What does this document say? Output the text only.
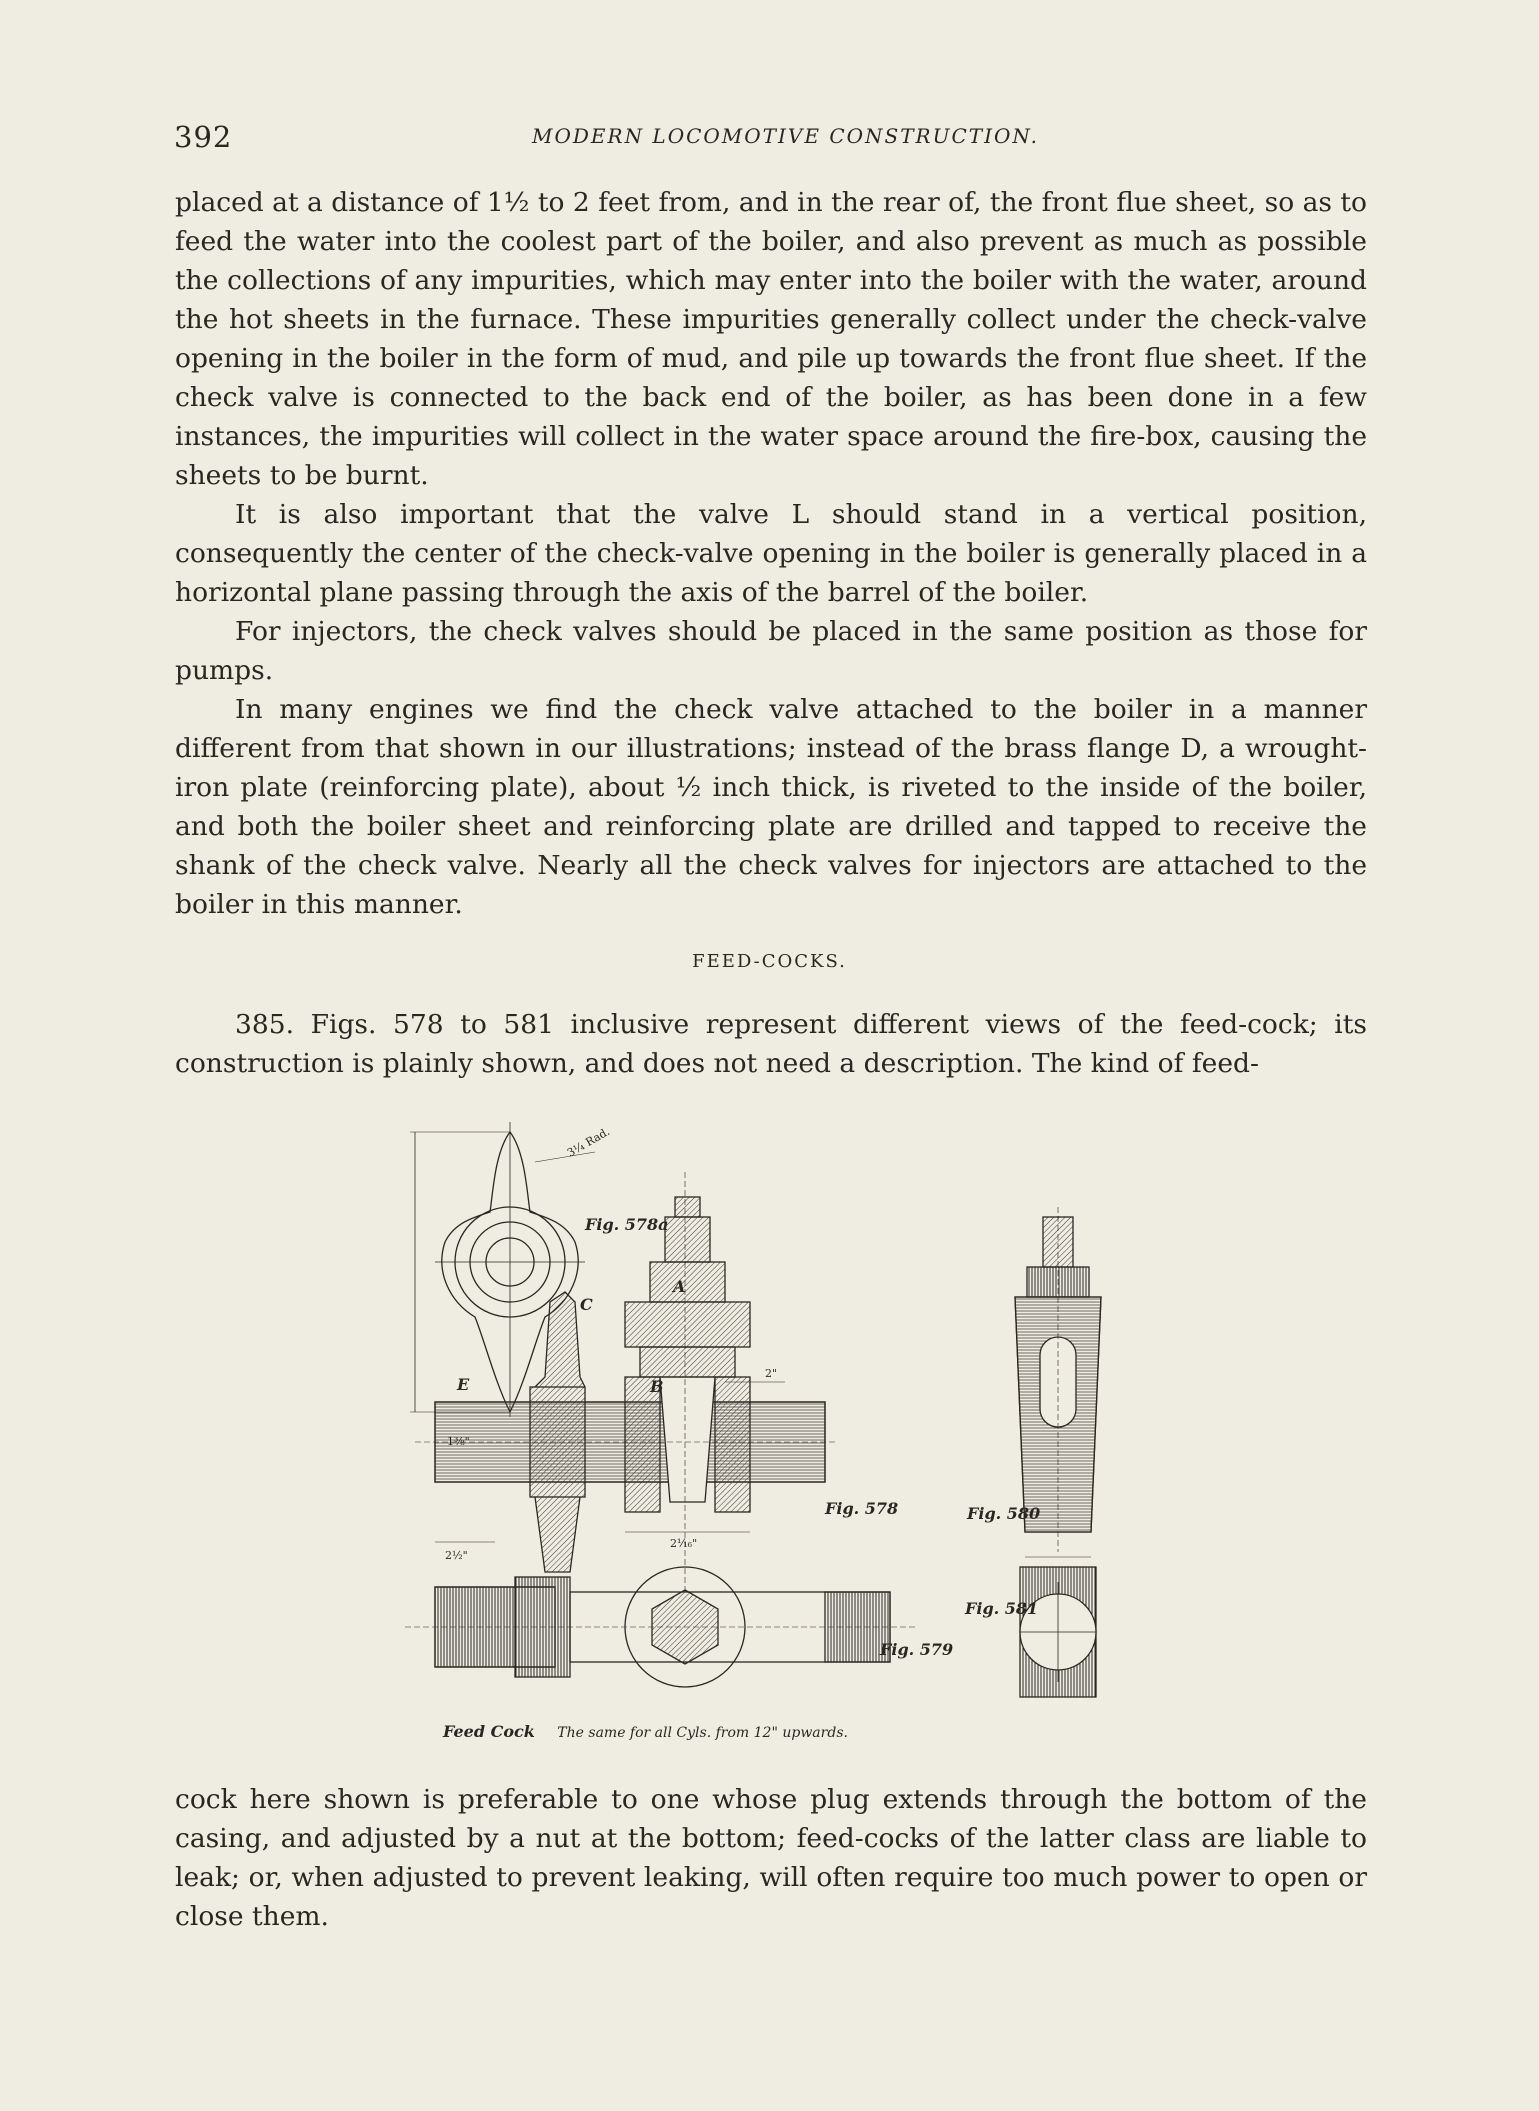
392	MODERN LOCOMOTIVE CONSTRUCTION.

placed at a distance of 1½ to 2 feet from, and in the rear of, the front flue sheet, so as to feed the water into the coolest part of the boiler, and also prevent as much as possible the collections of any impurities, which may enter into the boiler with the water, around the hot sheets in the furnace. These impurities generally collect under the check-valve opening in the boiler in the form of mud, and pile up towards the front flue sheet. If the check valve is connected to the back end of the boiler, as has been done in a few instances, the impurities will collect in the water space around the fire-box, causing the sheets to be burnt.

It is also important that the valve L should stand in a vertical position, consequently the center of the check-valve opening in the boiler is generally placed in a horizontal plane passing through the axis of the barrel of the boiler.

For injectors, the check valves should be placed in the same position as those for pumps.

In many engines we find the check valve attached to the boiler in a manner different from that shown in our illustrations; instead of the brass flange D, a wrought-iron plate (reinforcing plate), about ½ inch thick, is riveted to the inside of the boiler, and both the boiler sheet and reinforcing plate are drilled and tapped to receive the shank of the check valve. Nearly all the check valves for injectors are attached to the boiler in this manner.

FEED-COCKS.

385. Figs. 578 to 581 inclusive represent different views of the feed-cock; its construction is plainly shown, and does not need a description. The kind of feed-

Fig. 578a
Fig. 578
Fig. 579
Fig. 580
Fig. 581
A
B
C
E
3¼ Rad.
2½"
2"
2⅟₁₆"
1⅜"
Feed Cock The same for all Cyls. from 12" upwards.

cock here shown is preferable to one whose plug extends through the bottom of the casing, and adjusted by a nut at the bottom; feed-cocks of the latter class are liable to leak; or, when adjusted to prevent leaking, will often require too much power to open or close them.
